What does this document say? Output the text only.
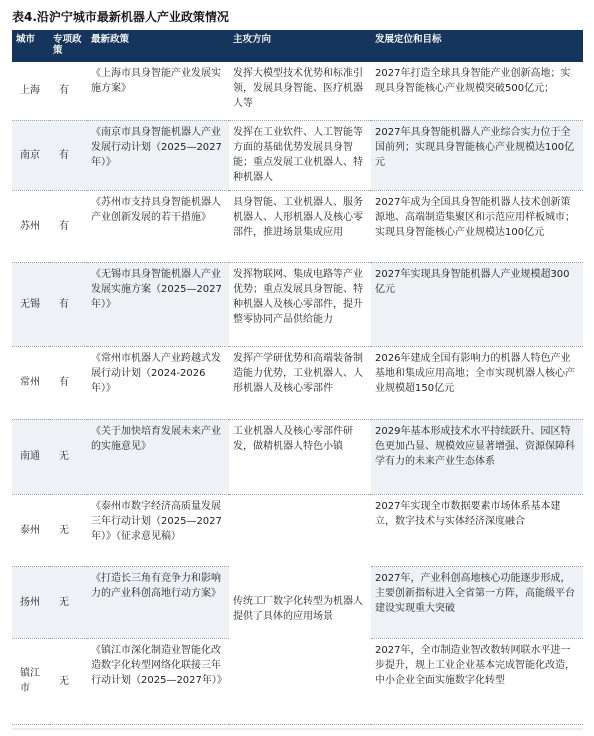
表4.沿沪宁城市最新机器人产业政策情况
城市	专项政策	最新政策	主攻方向	发展定位和目标
上海	有	《上海市具身智能产业发展实施方案》	发挥大模型技术优势和标准引领，发展具身智能、医疗机器人等	2027年打造全球具身智能产业创新高地；实现具身智能核心产业规模突破500亿元；
南京	有	《南京市具身智能机器人产业发展行动计划（2025—2027年）》	发挥在工业软件、人工智能等方面的基础优势发展具身智能；重点发展工业机器人、特种机器人	2027年具身智能机器人产业综合实力位于全国前列；实现具身智能核心产业规模达100亿元
苏州	有	《苏州市支持具身智能机器人产业创新发展的若干措施》	具身智能、工业机器人、服务机器人、人形机器人及核心零部件，推进场景集成应用	2027年成为全国具身智能机器人技术创新策源地、高端制造集聚区和示范应用样板城市；实现具身智能核心产业规模达100亿元
无锡	有	《无锡市具身智能机器人产业发展实施方案（2025—2027年）》	发挥物联网、集成电路等产业优势；重点发展具身智能、特种机器人及核心零部件，提升整零协同产品供给能力	2027年实现具身智能机器人产业规模超300亿元
常州	有	《常州市机器人产业跨越式发展行动计划（2024-2026年）》	发挥产学研优势和高端装备制造能力优势，工业机器人、人形机器人及核心零部件	2026年建成全国有影响力的机器人特色产业基地和集成应用高地；全市实现机器人核心产业规模超150亿元
南通	无	《关于加快培育发展未来产业的实施意见》	工业机器人及核心零部件研发，做精机器人特色小镇	2029年基本形成技术水平持续跃升、园区特色更加凸显、规模效应显著增强、资源保障科学有力的未来产业生态体系
泰州	无	《泰州市数字经济高质量发展三年行动计划（2025—2027年）》（征求意见稿）	传统工厂数字化转型为机器人提供了具体的应用场景	2027年实现全市数据要素市场体系基本建立，数字技术与实体经济深度融合
扬州	无	《打造长三角有竞争力和影响力的产业科创高地行动方案》		2027年，产业科创高地核心功能逐步形成，主要创新指标进入全省第一方阵，高能级平台建设实现重大突破
镇江市	无	《镇江市深化制造业智能化改造数字化转型网络化联接三年行动计划（2025—2027年）》		2027年，全市制造业智改数转网联水平进一步提升，规上工业企业基本完成智能化改造，中小企业全面实施数字化转型
